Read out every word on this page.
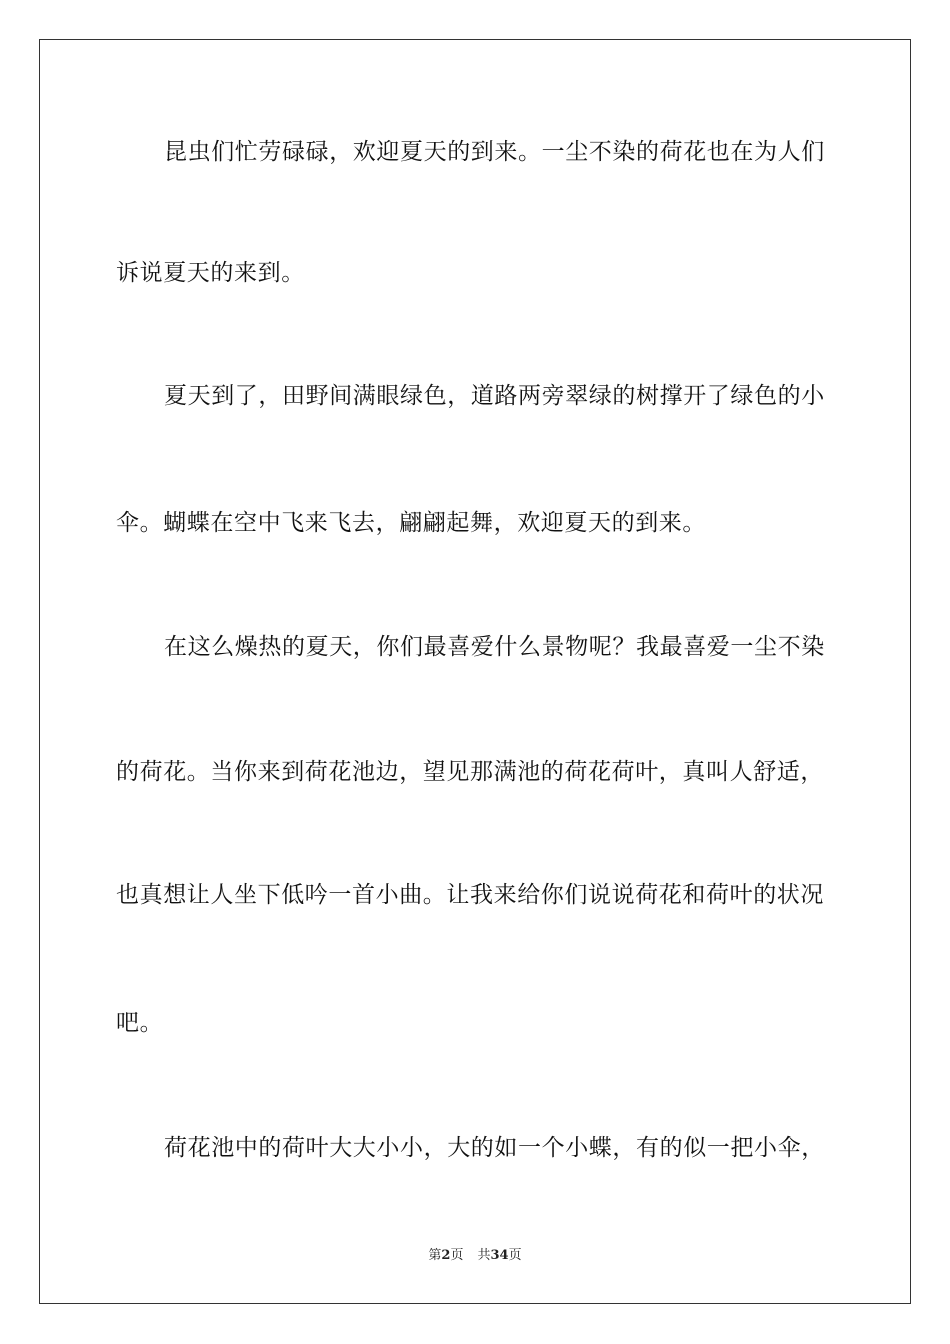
昆虫们忙劳碌碌，欢迎夏天的到来。一尘不染的荷花也在为人们
诉说夏天的来到。
夏天到了，田野间满眼绿色，道路两旁翠绿的树撑开了绿色的小
伞。蝴蝶在空中飞来飞去，翩翩起舞，欢迎夏天的到来。
在这么燥热的夏天，你们最喜爱什么景物呢？我最喜爱一尘不染
的荷花。当你来到荷花池边，望见那满池的荷花荷叶，真叫人舒适，
也真想让人坐下低吟一首小曲。让我来给你们说说荷花和荷叶的状况
吧。
荷花池中的荷叶大大小小，大的如一个小蝶，有的似一把小伞，
第2页 共34页
